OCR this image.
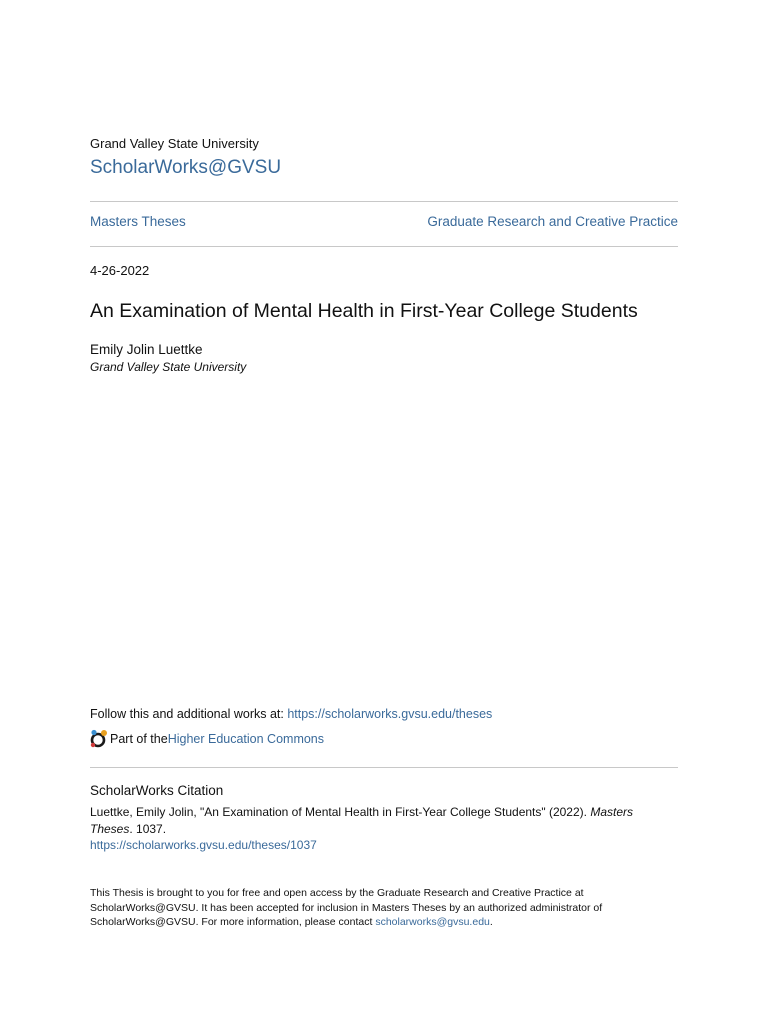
Grand Valley State University
ScholarWorks@GVSU
Masters Theses	Graduate Research and Creative Practice
4-26-2022
An Examination of Mental Health in First-Year College Students
Emily Jolin Luettke
Grand Valley State University
Follow this and additional works at: https://scholarworks.gvsu.edu/theses
Part of the Higher Education Commons
ScholarWorks Citation
Luettke, Emily Jolin, "An Examination of Mental Health in First-Year College Students" (2022). Masters Theses. 1037.
https://scholarworks.gvsu.edu/theses/1037
This Thesis is brought to you for free and open access by the Graduate Research and Creative Practice at ScholarWorks@GVSU. It has been accepted for inclusion in Masters Theses by an authorized administrator of ScholarWorks@GVSU. For more information, please contact scholarworks@gvsu.edu.
